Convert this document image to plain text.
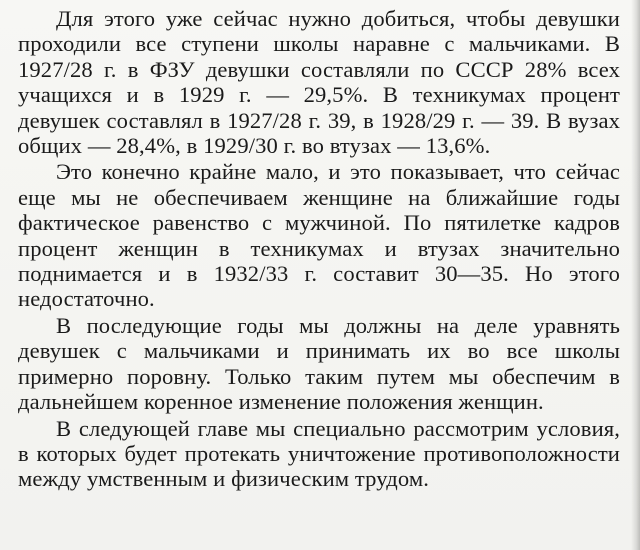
Для этого уже сейчас нужно добиться, чтобы девушки проходили все ступени школы наравне с мальчиками. В 1927/28 г. в ФЗУ девушки составляли по СССР 28% всех учащихся и в 1929 г. — 29,5%. В техникумах процент девушек составлял в 1927/28 г. 39, в 1928/29 г. — 39. В вузах общих — 28,4%, в 1929/30 г. во втузах — 13,6%.

Это конечно крайне мало, и это показывает, что сейчас еще мы не обеспечиваем женщине на ближайшие годы фактическое равенство с мужчиной. По пятилетке кадров процент женщин в техникумах и втузах значительно поднимается и в 1932/33 г. составит 30—35. Но этого недостаточно.

В последующие годы мы должны на деле уравнять девушек с мальчиками и принимать их во все школы примерно поровну. Только таким путем мы обеспечим в дальнейшем коренное изменение положения женщин.

В следующей главе мы специально рассмотрим условия, в которых будет протекать уничтожение противоположности между умственным и физическим трудом.
